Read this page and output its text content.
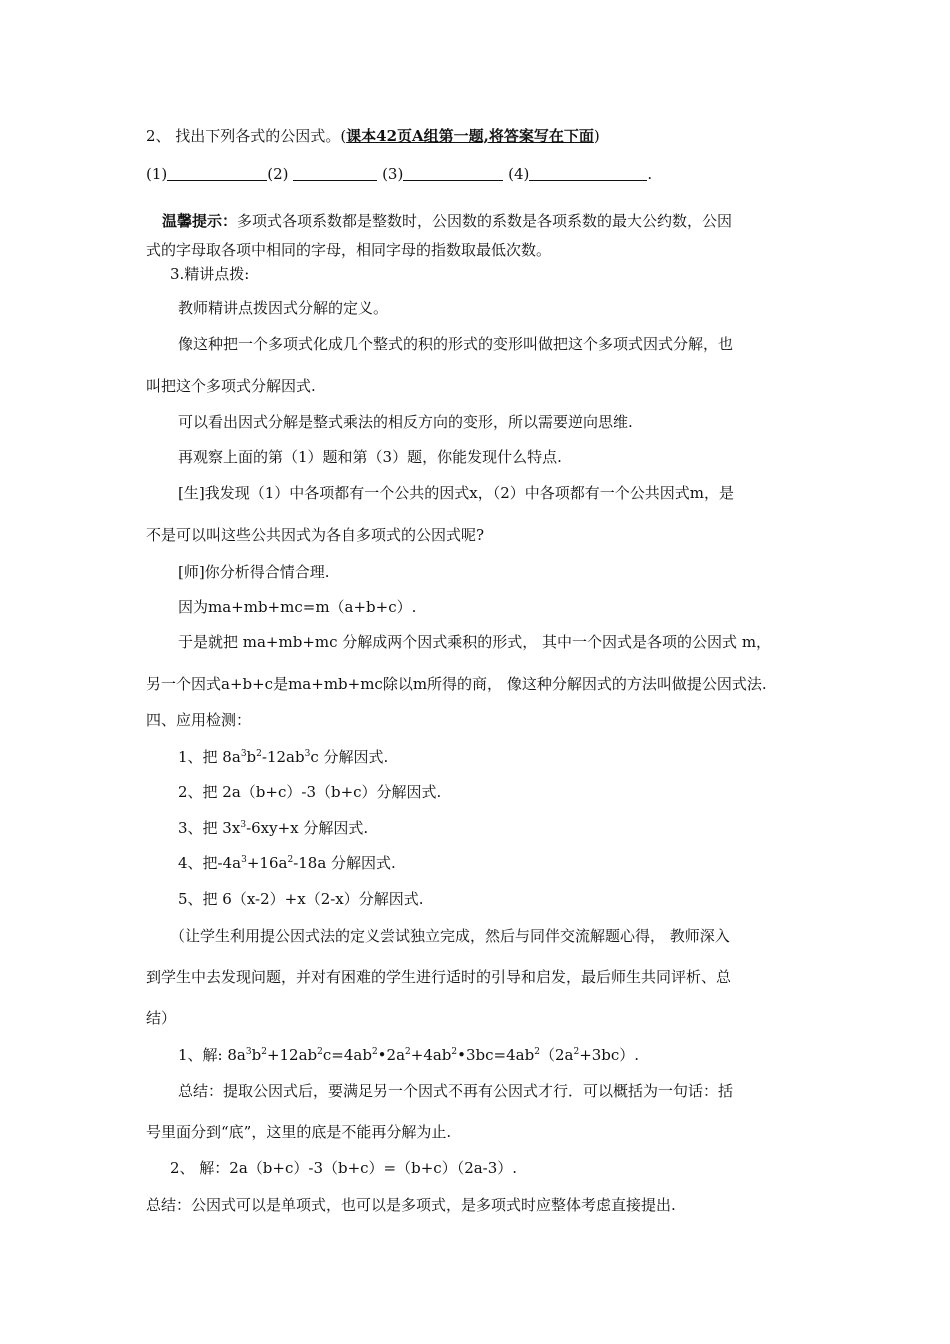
2、 找出下列各式的公因式。(课本42页A组第一题,将答案写在下面)
(1)	(2)	(3)	(4)	.
温馨提示：多项式各项系数都是整数时，公因数的系数是各项系数的最大公约数，公因
式的字母取各项中相同的字母，相同字母的指数取最低次数。
3.精讲点拨:
教师精讲点拨因式分解的定义。
像这种把一个多项式化成几个整式的积的形式的变形叫做把这个多项式因式分解，也
叫把这个多项式分解因式.
可以看出因式分解是整式乘法的相反方向的变形，所以需要逆向思维.
再观察上面的第（1）题和第（3）题，你能发现什么特点.
[生]我发现（1）中各项都有一个公共的因式x，（2）中各项都有一个公共因式m，是
不是可以叫这些公共因式为各自多项式的公因式呢?
[师]你分析得合情合理.
因为ma+mb+mc=m（a+b+c）.
于是就把 ma+mb+mc 分解成两个因式乘积的形式， 其中一个因式是各项的公因式 m，
另一个因式a+b+c是ma+mb+mc除以m所得的商， 像这种分解因式的方法叫做提公因式法.
四、应用检测：
1、把 $8a^3b^2-12ab^3c$ 分解因式.
2、把 2a（b+c）-3（b+c）分解因式.
3、把 $3x^3-6xy+x$ 分解因式.
4、把$-4a^3+16a^2-18a$ 分解因式.
5、把 6（x-2）+x（2-x）分解因式.
（让学生利用提公因式法的定义尝试独立完成，然后与同伴交流解题心得， 教师深入
到学生中去发现问题，并对有困难的学生进行适时的引导和启发，最后师生共同评析、总
结）
1、解: $8a^3b^2+12ab^2c=4ab^2•2a^2+4ab^2•3bc=4ab^2(2a^2+3bc)$.
总结：提取公因式后，要满足另一个因式不再有公因式才行．可以概括为一句话：括
号里面分到“底”，这里的底是不能再分解为止.
2、 解：2a（b+c）-3（b+c）=（b+c）（2a-3）.
总结：公因式可以是单项式，也可以是多项式，是多项式时应整体考虑直接提出.
